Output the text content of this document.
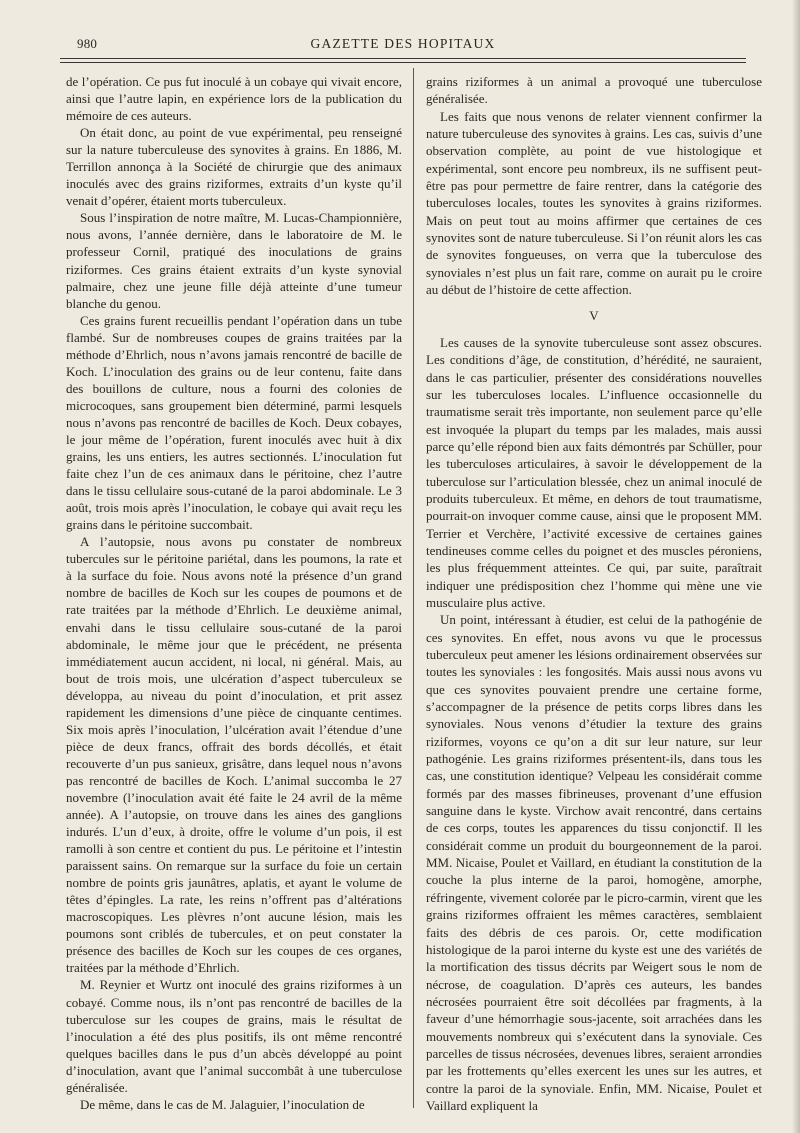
980	GAZETTE DES HOPITAUX

de l’opération. Ce pus fut inoculé à un cobaye qui vivait encore, ainsi que l’autre lapin, en expérience lors de la publication du mémoire de ces auteurs.

On était donc, au point de vue expérimental, peu renseigné sur la nature tuberculeuse des synovites à grains. En 1886, M. Terrillon annonça à la Société de chirurgie que des animaux inoculés avec des grains riziformes, extraits d’un kyste qu’il venait d’opérer, étaient morts tuberculeux.

Sous l’inspiration de notre maître, M. Lucas-Championnière, nous avons, l’année dernière, dans le laboratoire de M. le professeur Cornil, pratiqué des inoculations de grains riziformes. Ces grains étaient extraits d’un kyste synovial palmaire, chez une jeune fille déjà atteinte d’une tumeur blanche du genou.

Ces grains furent recueillis pendant l’opération dans un tube flambé. Sur de nombreuses coupes de grains traitées par la méthode d’Ehrlich, nous n’avons jamais rencontré de bacille de Koch. L’inoculation des grains ou de leur contenu, faite dans des bouillons de culture, nous a fourni des colonies de microcoques, sans groupement bien déterminé, parmi lesquels nous n’avons pas rencontré de bacilles de Koch. Deux cobayes, le jour même de l’opération, furent inoculés avec huit à dix grains, les uns entiers, les autres sectionnés. L’inoculation fut faite chez l’un de ces animaux dans le péritoine, chez l’autre dans le tissu cellulaire sous-cutané de la paroi abdominale. Le 3 août, trois mois après l’inoculation, le cobaye qui avait reçu les grains dans le péritoine succombait.

A l’autopsie, nous avons pu constater de nombreux tubercules sur le péritoine pariétal, dans les poumons, la rate et à la surface du foie. Nous avons noté la présence d’un grand nombre de bacilles de Koch sur les coupes de poumons et de rate traitées par la méthode d’Ehrlich. Le deuxième animal, envahi dans le tissu cellulaire sous-cutané de la paroi abdominale, le même jour que le précédent, ne présenta immédiatement aucun accident, ni local, ni général. Mais, au bout de trois mois, une ulcération d’aspect tuberculeux se développa, au niveau du point d’inoculation, et prit assez rapidement les dimensions d’une pièce de cinquante centimes. Six mois après l’inoculation, l’ulcération avait l’étendue d’une pièce de deux francs, offrait des bords décollés, et était recouverte d’un pus sanieux, grisâtre, dans lequel nous n’avons pas rencontré de bacilles de Koch. L’animal succomba le 27 novembre (l’inoculation avait été faite le 24 avril de la même année). A l’autopsie, on trouve dans les aines des ganglions indurés. L’un d’eux, à droite, offre le volume d’un pois, il est ramolli à son centre et contient du pus. Le péritoine et l’intestin paraissent sains. On remarque sur la surface du foie un certain nombre de points gris jaunâtres, aplatis, et ayant le volume de têtes d’épingles. La rate, les reins n’offrent pas d’altérations macroscopiques. Les plèvres n’ont aucune lésion, mais les poumons sont criblés de tubercules, et on peut constater la présence des bacilles de Koch sur les coupes de ces organes, traitées par la méthode d’Ehrlich.

M. Reynier et Wurtz ont inoculé des grains riziformes à un cobayé. Comme nous, ils n’ont pas rencontré de bacilles de la tuberculose sur les coupes de grains, mais le résultat de l’inoculation a été des plus positifs, ils ont même rencontré quelques bacilles dans le pus d’un abcès développé au point d’inoculation, avant que l’animal succombât à une tuberculose généralisée.

De même, dans le cas de M. Jalaguier, l’inoculation de

grains riziformes à un animal a provoqué une tuberculose généralisée.

Les faits que nous venons de relater viennent confirmer la nature tuberculeuse des synovites à grains. Les cas, suivis d’une observation complète, au point de vue histologique et expérimental, sont encore peu nombreux, ils ne suffisent peut-être pas pour permettre de faire rentrer, dans la catégorie des tuberculoses locales, toutes les synovites à grains riziformes. Mais on peut tout au moins affirmer que certaines de ces synovites sont de nature tuberculeuse. Si l’on réunit alors les cas de synovites fongueuses, on verra que la tuberculose des synoviales n’est plus un fait rare, comme on aurait pu le croire au début de l’histoire de cette affection.

V

Les causes de la synovite tuberculeuse sont assez obscures. Les conditions d’âge, de constitution, d’hérédité, ne sauraient, dans le cas particulier, présenter des considérations nouvelles sur les tuberculoses locales. L’influence occasionnelle du traumatisme serait très importante, non seulement parce qu’elle est invoquée la plupart du temps par les malades, mais aussi parce qu’elle répond bien aux faits démontrés par Schüller, pour les tuberculoses articulaires, à savoir le développement de la tuberculose sur l’articulation blessée, chez un animal inoculé de produits tuberculeux. Et même, en dehors de tout traumatisme, pourrait-on invoquer comme cause, ainsi que le proposent MM. Terrier et Verchère, l’activité excessive de certaines gaines tendineuses comme celles du poignet et des muscles péroniens, les plus fréquemment atteintes. Ce qui, par suite, paraîtrait indiquer une prédisposition chez l’homme qui mène une vie musculaire plus active.

Un point, intéressant à étudier, est celui de la pathogénie de ces synovites. En effet, nous avons vu que le processus tuberculeux peut amener les lésions ordinairement observées sur toutes les synoviales : les fongosités. Mais aussi nous avons vu que ces synovites pouvaient prendre une certaine forme, s’accompagner de la présence de petits corps libres dans les synoviales. Nous venons d’étudier la texture des grains riziformes, voyons ce qu’on a dit sur leur nature, sur leur pathogénie. Les grains riziformes présentent-ils, dans tous les cas, une constitution identique? Velpeau les considérait comme formés par des masses fibrineuses, provenant d’une effusion sanguine dans le kyste. Virchow avait rencontré, dans certains de ces corps, toutes les apparences du tissu conjonctif. Il les considérait comme un produit du bourgeonnement de la paroi. MM. Nicaise, Poulet et Vaillard, en étudiant la constitution de la couche la plus interne de la paroi, homogène, amorphe, réfringente, vivement colorée par le picro-carmin, virent que les grains riziformes offraient les mêmes caractères, semblaient faits des débris de ces parois. Or, cette modification histologique de la paroi interne du kyste est une des variétés de la mortification des tissus décrits par Weigert sous le nom de nécrose, de coagulation. D’après ces auteurs, les bandes nécrosées pourraient être soit décollées par fragments, à la faveur d’une hémorrhagie sous-jacente, soit arrachées dans les mouvements nombreux qui s’exécutent dans la synoviale. Ces parcelles de tissus nécrosées, devenues libres, seraient arrondies par les frottements qu’elles exercent les unes sur les autres, et contre la paroi de la synoviale. Enfin, MM. Nicaise, Poulet et Vaillard expliquent la
